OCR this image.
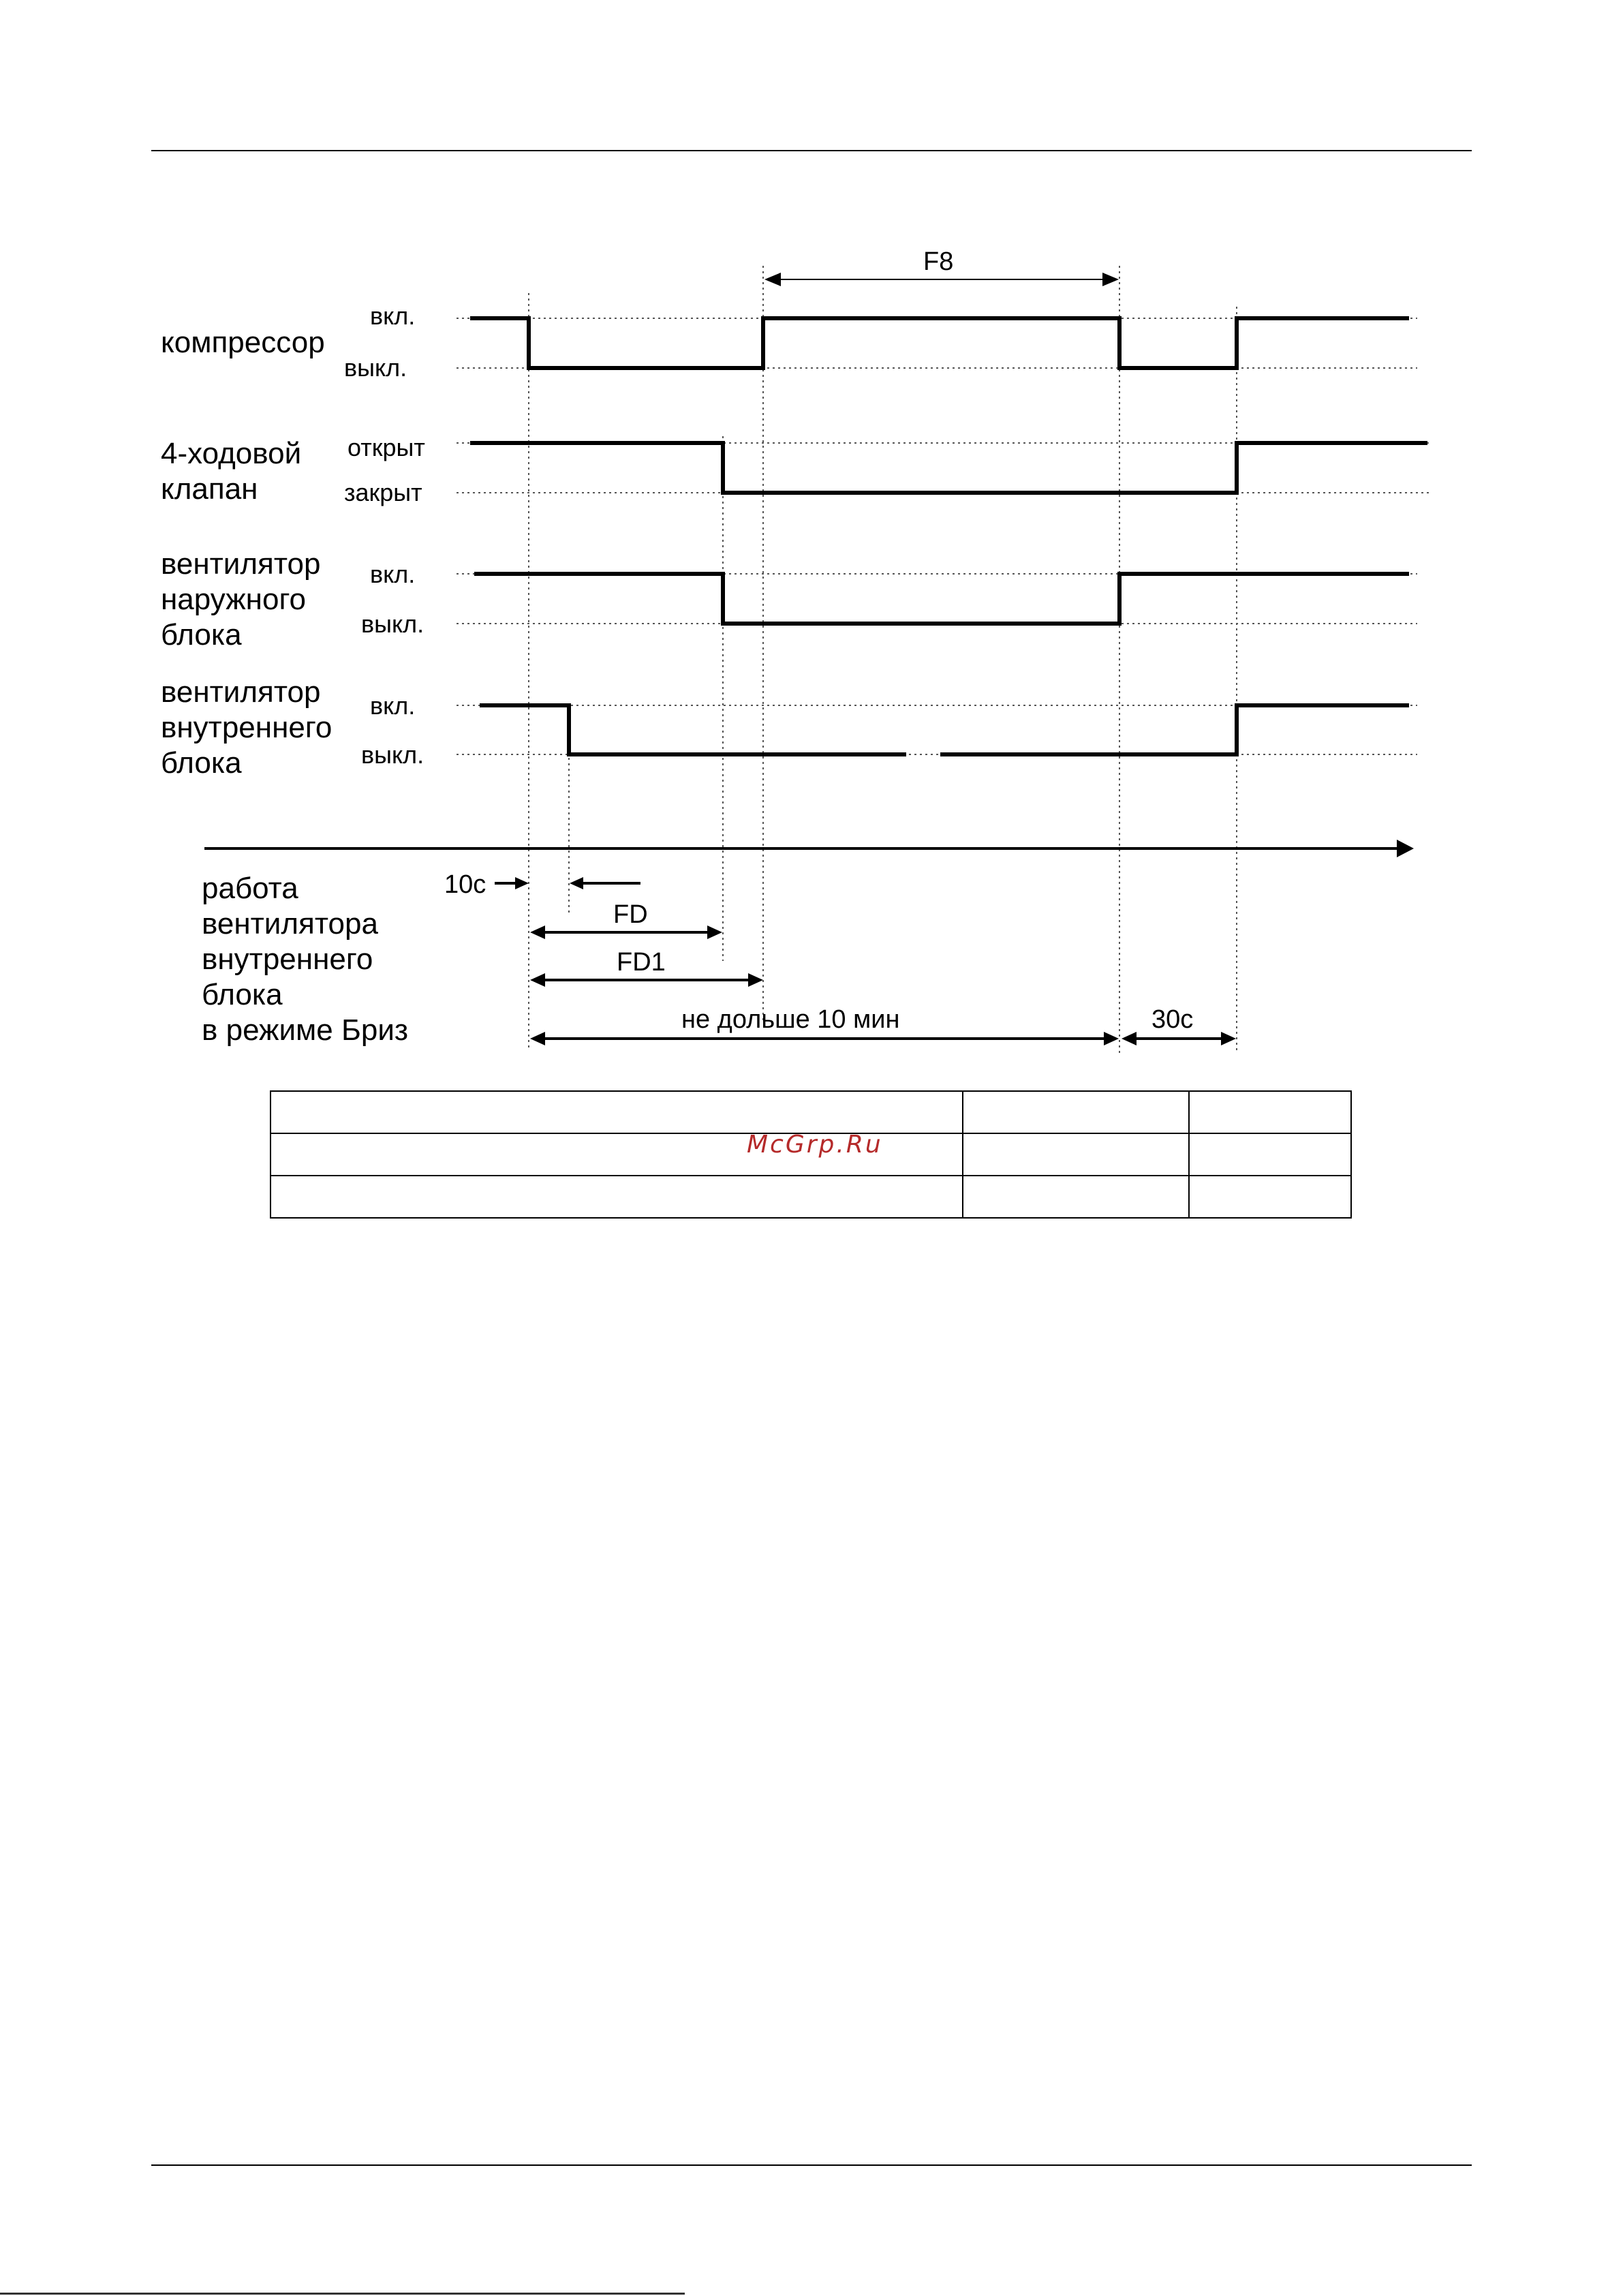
компрессор
4-ходовой клапан
вентилятор наружного блока
вентилятор внутреннего блока
работа вентилятора внутреннего блока в режиме Бриз
вкл.
выкл.
открыт
закрыт
вкл.
выкл.
вкл.
выкл.
F8
10с
FD
FD1
не дольше 10 мин	30с

McGrp.Ru
